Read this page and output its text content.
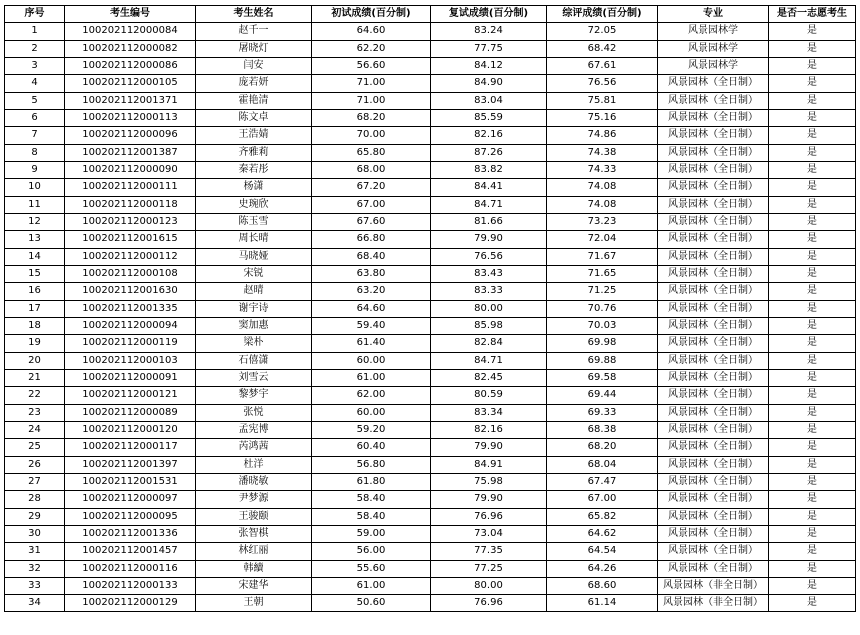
序号	考生编号	考生姓名	初试成绩(百分制)	复试成绩(百分制)	综评成绩(百分制)	专业	是否一志愿考生
1	100202112000084	赵千一	64.60	83.24	72.05	风景园林学	是
2	100202112000082	屠晓灯	62.20	77.75	68.42	风景园林学	是
3	100202112000086	闫安	56.60	84.12	67.61	风景园林学	是
4	100202112000105	庞若妍	71.00	84.90	76.56	风景园林（全日制）	是
5	100202112001371	霍艳清	71.00	83.04	75.81	风景园林（全日制）	是
6	100202112000113	陈文卓	68.20	85.59	75.16	风景园林（全日制）	是
7	100202112000096	王浩婧	70.00	82.16	74.86	风景园林（全日制）	是
8	100202112001387	齐雅莉	65.80	87.26	74.38	风景园林（全日制）	是
9	100202112000090	秦若彤	68.00	83.82	74.33	风景园林（全日制）	是
10	100202112000111	杨潇	67.20	84.41	74.08	风景园林（全日制）	是
11	100202112000118	史琬欣	67.00	84.71	74.08	风景园林（全日制）	是
12	100202112000123	陈玉雪	67.60	81.66	73.23	风景园林（全日制）	是
13	100202112001615	周长晴	66.80	79.90	72.04	风景园林（全日制）	是
14	100202112000112	马晓娅	68.40	76.56	71.67	风景园林（全日制）	是
15	100202112000108	宋锐	63.80	83.43	71.65	风景园林（全日制）	是
16	100202112001630	赵晴	63.20	83.33	71.25	风景园林（全日制）	是
17	100202112001335	谢宇诗	64.60	80.00	70.76	风景园林（全日制）	是
18	100202112000094	窦加惠	59.40	85.98	70.03	风景园林（全日制）	是
19	100202112000119	梁朴	61.40	82.84	69.98	风景园林（全日制）	是
20	100202112000103	石僖潇	60.00	84.71	69.88	风景园林（全日制）	是
21	100202112000091	刘雪云	61.00	82.45	69.58	风景园林（全日制）	是
22	100202112000121	黎梦宇	62.00	80.59	69.44	风景园林（全日制）	是
23	100202112000089	张悦	60.00	83.34	69.33	风景园林（全日制）	是
24	100202112000120	孟宪博	59.20	82.16	68.38	风景园林（全日制）	是
25	100202112000117	芮鸿茜	60.40	79.90	68.20	风景园林（全日制）	是
26	100202112001397	杜洋	56.80	84.91	68.04	风景园林（全日制）	是
27	100202112001531	潘晓敏	61.80	75.98	67.47	风景园林（全日制）	是
28	100202112000097	尹梦源	58.40	79.90	67.00	风景园林（全日制）	是
29	100202112000095	王骏颐	58.40	76.96	65.82	风景园林（全日制）	是
30	100202112001336	张智棋	59.00	73.04	64.62	风景园林（全日制）	是
31	100202112001457	林红丽	56.00	77.35	64.54	风景园林（全日制）	是
32	100202112000116	韩續	55.60	77.25	64.26	风景园林（全日制）	是
33	100202112000133	宋建华	61.00	80.00	68.60	风景园林（非全日制）	是
34	100202112000129	王朝	50.60	76.96	61.14	风景园林（非全日制）	是
